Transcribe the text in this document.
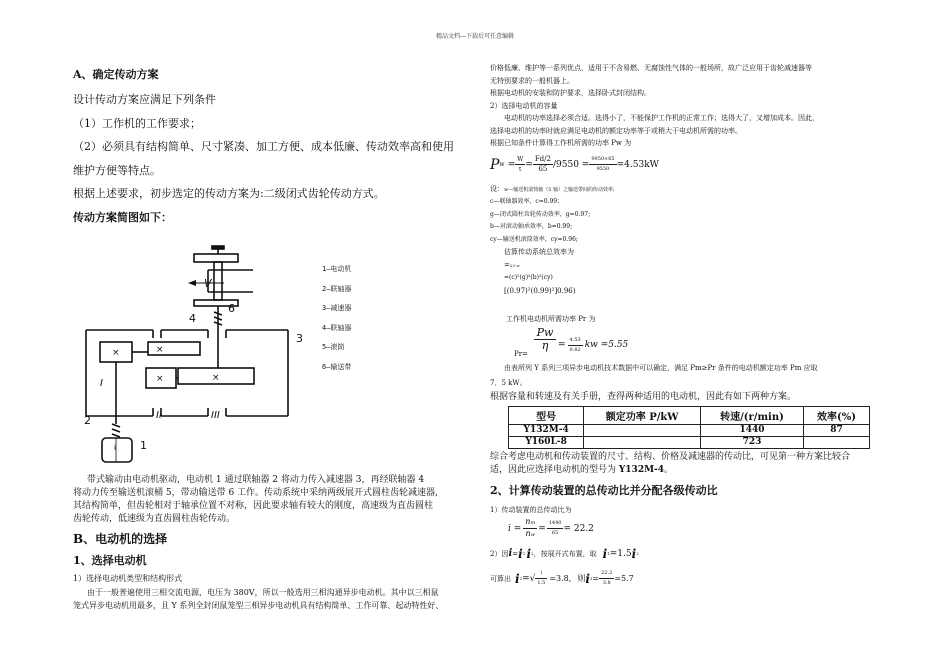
精品文档---下载后可任意编辑

A、确定传动方案

设计传动方案应满足下列条件

（1）工作机的工作要求；

（2）必须具有结构简单、尺寸紧凑、加工方便、成本低廉、传动效率高和使用

维护方便等特点。

根据上述要求，初步选定的传动方案为:二级闭式齿轮传动方式。

传动方案简图如下：

V
6
4
3
2
1
I
II	III
×	×
×	×
i
1—电动机
2—联轴器
3—减速器
4—联轴器
5—滚筒
6—输送带

带式输动由电动机驱动，电动机 1 通过联轴器 2 将动力传入减速器 3，再经联轴器 4

将动力传至输送机滚桶 5，带动输送带 6 工作。传动系统中采纳两级展开式圆柱齿轮减速器,

其结构简单，但齿轮相对于轴承位置不对称，因此要求轴有较大的刚度，高速级为直齿圆柱

齿轮传动，低速级为直齿圆柱齿轮传动。

B、电动机的选择

1、选择电动机

1）选择电动机类型和结构形式

由于一般普遍使用三相交流电源，电压为 380V，所以一般选用三相沟通异步电动机。其中以三相鼠

笼式异步电动机用最多，且 Y 系列全封闭鼠笼型三相异步电动机具有结构简单、工作可靠、起动特性好、

价格低廉、维护等一系列优点，适用于不含易燃、无腐蚀性气体的一般场所，故广泛应用于齿轮减速器等

无特别要求的一般机器上。

根据电动机的安装和防护要求，选择卧式封闭结构。

2）选择电动机的容量

电动机的功率选择必须合适。选得小了，不能保护工作机的正常工作；选得大了，又增加成本。因此，

选择电动机的功率时就应满足电动机的额定功率等于或稍大于电动机所需的功率。

根据已知条件计算得工作机所需的功率 Pw 为

P $w = \frac{W}{t} = \frac{Fd/2}{65} /9550 = \frac{9950\times 65}{9550} =4.53kW$

设：w—输送机滚筒轴（5 轴）之输送带间的传动效率;

c—联轴器效率，c=0.99；

g—闭式圆柱齿轮传动效率，g=0.97;

b—对滚动轴承效率，b=0.99;

cy—输送机滚筒效率，cy=0.96;

估算传动系统总效率为

=23 w

=(c)²(g)²(b)²(cy)

[(0.97)²(0.99)²]0.96)

工作机电动机所需功率 Pr 为

Pw
η
Pr=
= $\frac{4.53}{0.82}$ kw =5.55

由表所列 Y 系列三项异步电动机技术数据中可以确定，满足 Pm≥Pr 条件的电动机额定功率 Pm 应取

7．5 kW。

根据容量和转速及有关手册，查得两种适用的电动机，因此有如下两种方案。

型号	额定功率 P/kW	转速/(r/min)	效率(%)
Y132M-4		1440	87
Y160L-8		723	

综合考虑电动机和传动装置的尺寸、结构、价格及减速器的传动比，可见第一种方案比较合

适，因此应选择电动机的型号为 Y132M-4。

2、计算传动装置的总传动比并分配各级传动比

1）传动装置的总传动比为

$i = \frac{nm}{nw} = \frac{1440}{65} = 22.2$
2）因 i = i 1· i 2 ，按展开式布置，取 i 1 =1.5 i 2
可算出 i 2 =√ $\frac{i}{1.5} =3.8$, 则 i $1 = \frac{22.2}{3.8} =5.7$
